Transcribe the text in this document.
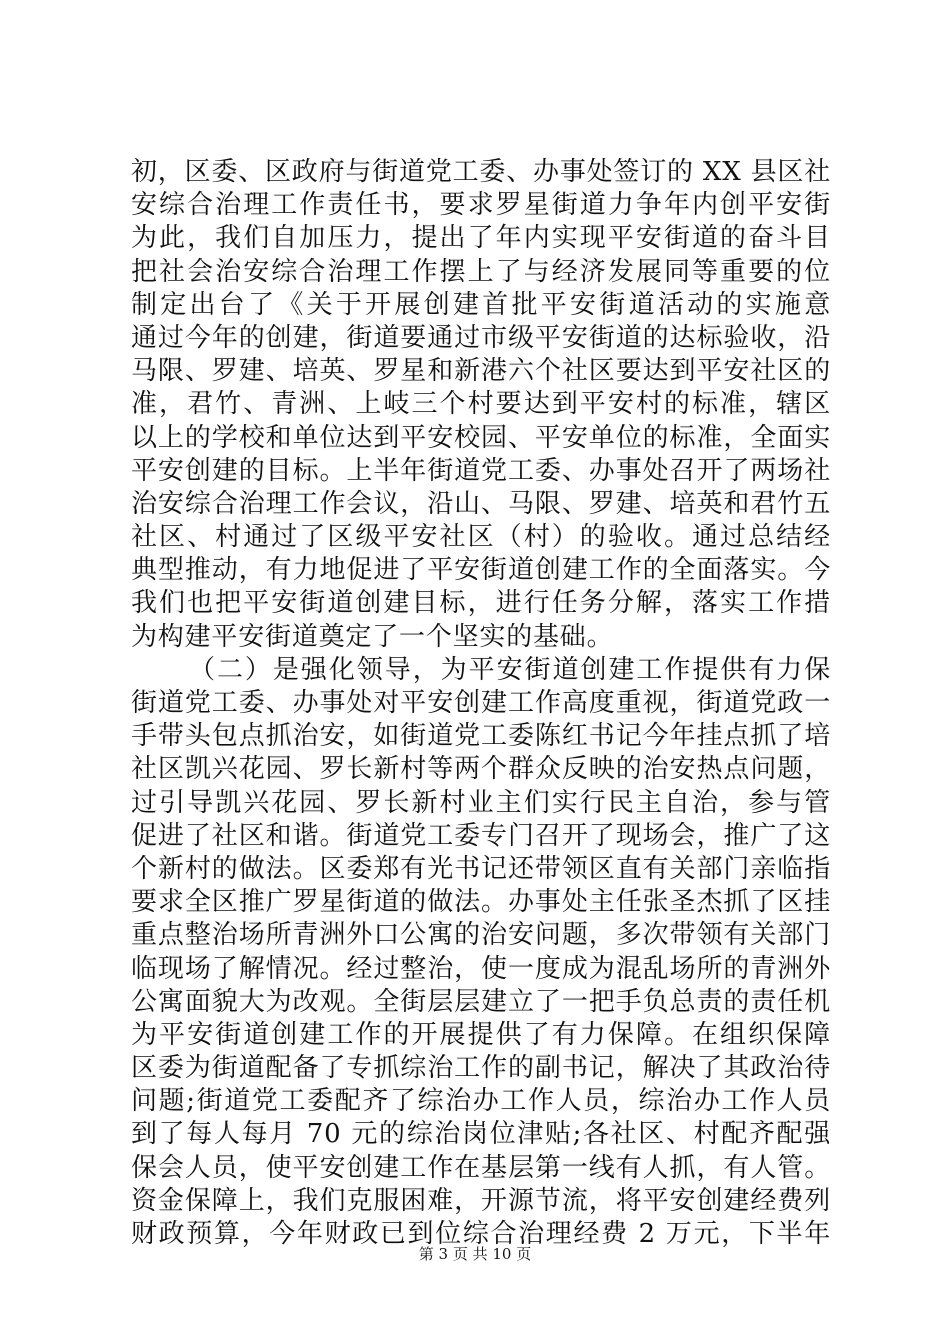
初，区委、区政府与街道党工委、办事处签订的 XX 县区社
安综合治理工作责任书，要求罗星街道力争年内创平安街
为此，我们自加压力，提出了年内实现平安街道的奋斗目
把社会治安综合治理工作摆上了与经济发展同等重要的位
制定出台了《关于开展创建首批平安街道活动的实施意
通过今年的创建，街道要通过市级平安街道的达标验收，沿
马限、罗建、培英、罗星和新港六个社区要达到平安社区的
准，君竹、青洲、上岐三个村要达到平安村的标准，辖区
以上的学校和单位达到平安校园、平安单位的标准，全面实
平安创建的目标。上半年街道党工委、办事处召开了两场社
治安综合治理工作会议，沿山、马限、罗建、培英和君竹五
社区、村通过了区级平安社区（村）的验收。通过总结经
典型推动，有力地促进了平安街道创建工作的全面落实。今
我们也把平安街道创建目标，进行任务分解，落实工作措
为构建平安街道奠定了一个坚实的基础。
（二）是强化领导，为平安街道创建工作提供有力保
街道党工委、办事处对平安创建工作高度重视，街道党政一
手带头包点抓治安，如街道党工委陈红书记今年挂点抓了培
社区凯兴花园、罗长新村等两个群众反映的治安热点问题，
过引导凯兴花园、罗长新村业主们实行民主自治，参与管
促进了社区和谐。街道党工委专门召开了现场会，推广了这
个新村的做法。区委郑有光书记还带领区直有关部门亲临指
要求全区推广罗星街道的做法。办事处主任张圣杰抓了区挂
重点整治场所青洲外口公寓的治安问题，多次带领有关部门
临现场了解情况。经过整治，使一度成为混乱场所的青洲外
公寓面貌大为改观。全街层层建立了一把手负总责的责任机
为平安街道创建工作的开展提供了有力保障。在组织保障
区委为街道配备了专抓综治工作的副书记，解决了其政治待
问题;街道党工委配齐了综治办工作人员，综治办工作人员
到了每人每月 70 元的综治岗位津贴;各社区、村配齐配强
保会人员，使平安创建工作在基层第一线有人抓，有人管。
资金保障上，我们克服困难，开源节流，将平安创建经费列
财政预算，今年财政已到位综合治理经费 2 万元，下半年
第 3 页 共 10 页
